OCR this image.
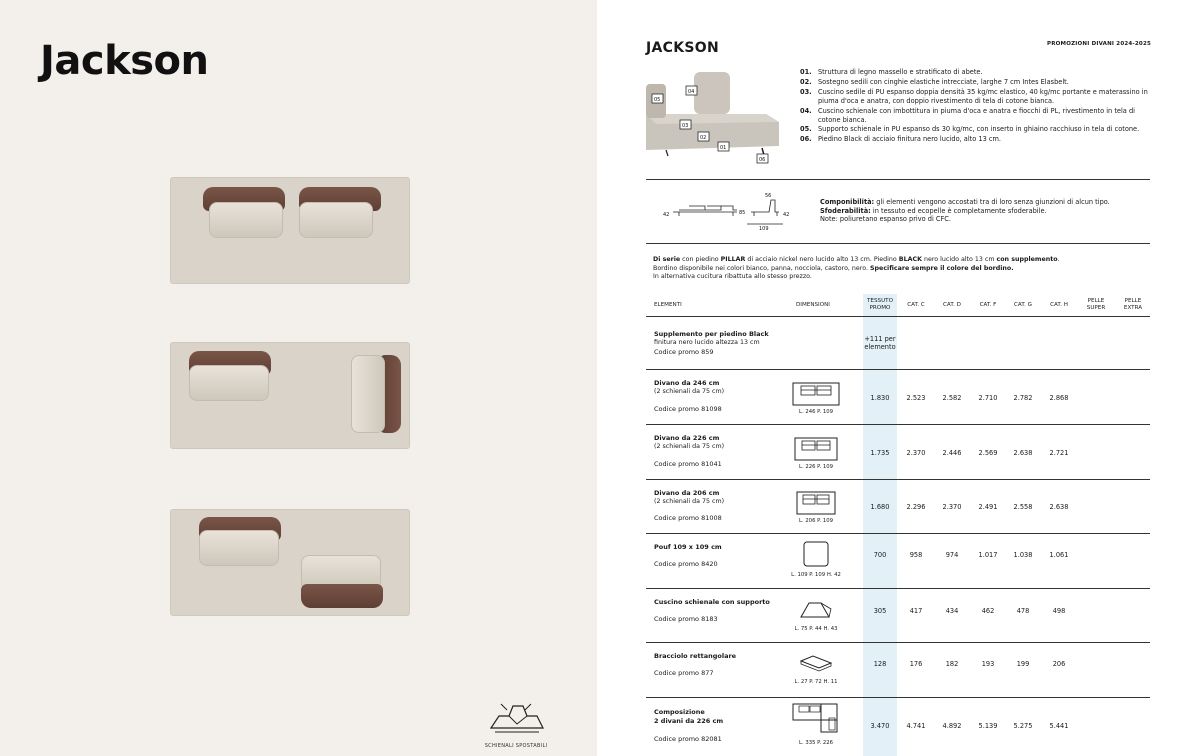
Jackson
SCHIENALI SPOSTABILI
JACKSON	PROMOZIONI DIVANI 2024-2025
04
05
03
02
01
06
01. Struttura di legno massello e stratificato di abete.
02. Sostegno sedili con cinghie elastiche intrecciate, larghe 7 cm Intes Elasbelt.
03. Cuscino sedile di PU espanso doppia densità 35 kg/mc elastico, 40 kg/mc portante e materassino in piuma d'oca e anatra, con doppio rivestimento di tela di cotone bianca.
04. Cuscino schienale con imbottitura in piuma d'oca e anatra e fiocchi di PL, rivestimento in tela di cotone bianca.
05. Supporto schienale in PU espanso ds 30 kg/mc, con inserto in ghiaino racchiuso in tela di cotone.
06. Piedino Black di acciaio finitura nero lucido, alto 13 cm.
42	85	42
109
56
Componibilità: gli elementi vengono accostati tra di loro senza giunzioni di alcun tipo.
Sfoderabilità: in tessuto ed ecopelle è completamente sfoderabile.
Note: poliuretano espanso privo di CFC.
Di serie con piedino PILLAR di acciaio nickel nero lucido alto 13 cm. Piedino BLACK nero lucido alto 13 cm con supplemento.
Bordino disponibile nei colori bianco, panna, nocciola, castoro, nero. Specificare sempre il colore del bordino.
In alternativa cucitura ribattuta allo stesso prezzo.
ELEMENTI	DIMENSIONI
TESSUTO
PROMO	CAT. C	CAT. D	CAT. F	CAT. G	CAT. H
PELLE
SUPER
PELLE
EXTRA
Supplemento per piedino Black
finitura nero lucido altezza 13 cm
Codice promo 859
+111 per
elemento
Divano da 246 cm
(2 schienali da 75 cm)
Codice promo 81098	L. 246 P. 109
1.830	2.523	2.582	2.710	2.782	2.868
Divano da 226 cm
(2 schienali da 75 cm)
Codice promo 81041	L. 226 P. 109
1.735	2.370	2.446	2.569	2.638	2.721
Divano da 206 cm
(2 schienali da 75 cm)
Codice promo 81008	L. 206 P. 109
1.680	2.296	2.370	2.491	2.558	2.638
Pouf 109 x 109 cm
Codice promo 8420
L. 109 P. 109 H. 42
700	958	974	1.017	1.038	1.061
Cuscino schienale con supporto
Codice promo 8183
L. 75 P. 44 H. 43
305	417	434	462	478	498
Bracciolo rettangolare
Codice promo 877
L. 27 P. 72 H. 11
128	176	182	193	199	206
Composizione
2 divani da 226 cm
Codice promo 82081	L. 335 P. 226
3.470	4.741	4.892	5.139	5.275	5.441
